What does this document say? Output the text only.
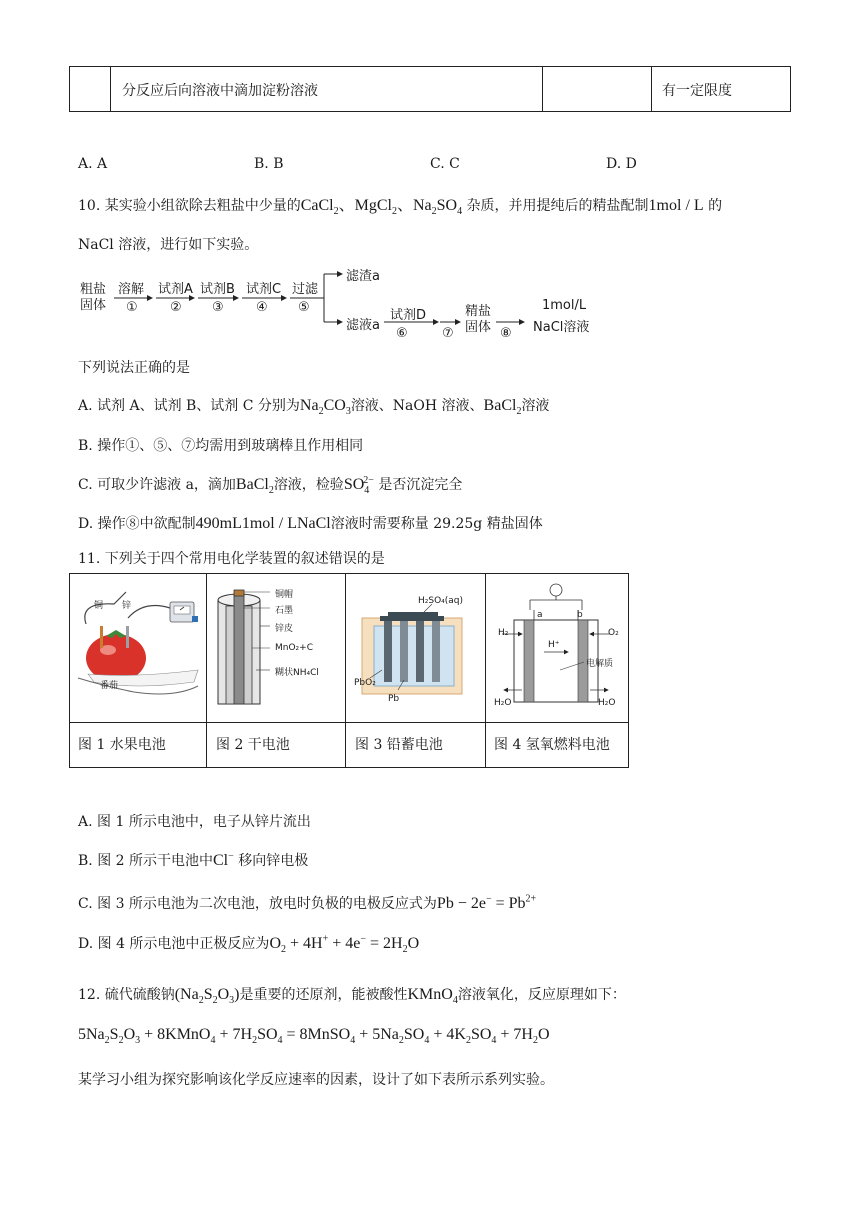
分反应后向溶液中滴加淀粉溶液	有一定限度
A. A	B. B	C. C	D. D
10. 某实验小组欲除去粗盐中少量的CaCl$_2$、MgCl$_2$、$Na_2SO_4$ 杂质，并用提纯后的精盐配制1mol / L 的
NaCl 溶液，进行如下实验。
粗盐
固体
溶解
①
试剂A
②
试剂B
③
试剂C
④
过滤
⑤
滤渣a
滤液a
试剂D
⑥	⑦
精盐
固体 ⑧
1mol/L
NaCl溶液
下列说法正确的是
A. 试剂 A、试剂 B、试剂 C 分别为$Na_2CO_3$溶液、NaOH 溶液、BaCl$_2$溶液
B. 操作①、⑤、⑦均需用到玻璃棒且作用相同
C. 可取少许滤液 a，滴加BaCl$_2$溶液，检验$SO_4^{2-}$ 是否沉淀完全
D. 操作⑧中欲配制490mL1mol / LNaCl溶液时需要称量 29.25g 精盐固体
11. 下列关于四个常用电化学装置的叙述错误的是
铜 锌
番茄
铜帽
石墨
锌皮
MnO₂+C
糊状NH₄Cl
H₂SO₄(aq)
PbO₂
Pb
a	b
H₂	O₂
H⁺
电解质
H₂O	H₂O
图 1 水果电池	图 2 干电池	图 3 铅蓄电池	图 4 氢氧燃料电池
A. 图 1 所示电池中，电子从锌片流出
B. 图 2 所示干电池中Cl− 移向锌电极
C. 图 3 所示电池为二次电池，放电时负极的电极反应式为$Pb - 2e^- = Pb^{2+}$
D. 图 4 所示电池中正极反应为$O_2 + 4H^+ + 4e^- = 2H_2O$
12. 硫代硫酸钠$(Na_2S_2O_3)$是重要的还原剂，能被酸性KMnO$_4$溶液氧化，反应原理如下：
$5Na_2S_2O_3$ + 8KMnO$_4$ + $7H_2SO_4$ = 8MnSO$_4$ + $5Na_2SO_4 + 4K_2SO_4 + 7H_2O$
某学习小组为探究影响该化学反应速率的因素，设计了如下表所示系列实验。
